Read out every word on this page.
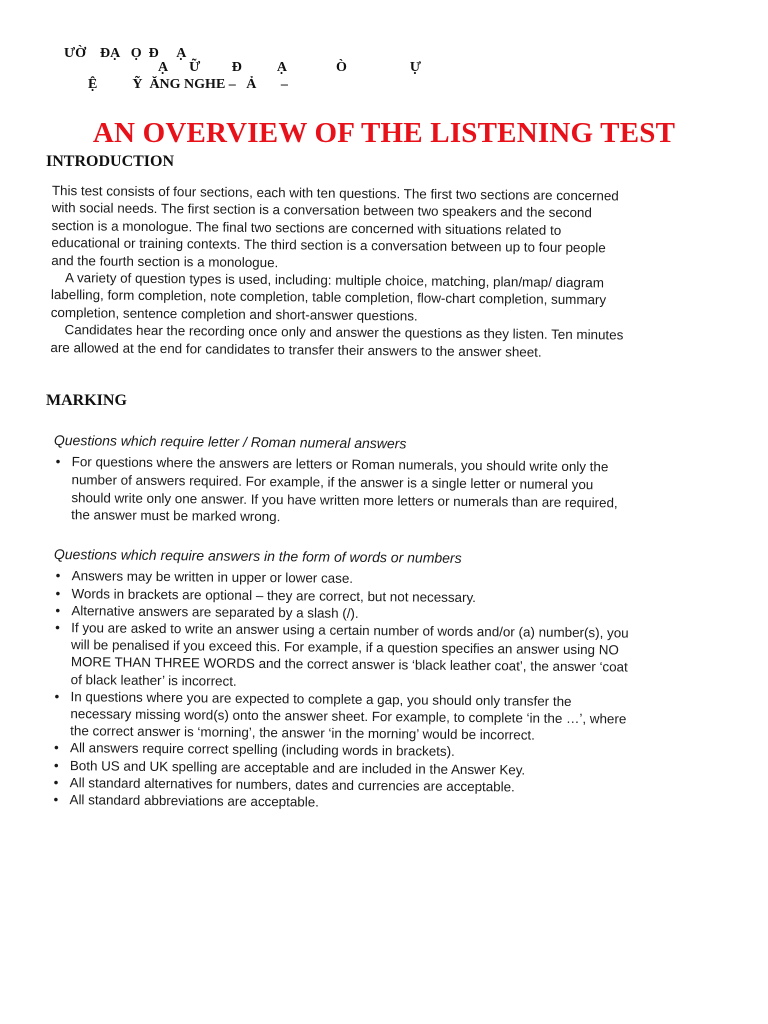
ƯỜ    ĐẠ   Ọ  Đ     Ạ
Ạ      Ữ         Đ          Ạ              Ò                  Ự
Ệ          Ỹ  ĂNG NGHE –   Ả       –
AN OVERVIEW OF THE LISTENING TEST
INTRODUCTION

This test consists of four sections, each with ten questions. The first two sections are concerned with social needs. The first section is a conversation between two speakers and the second section is a monologue. The final two sections are concerned with situations related to educational or training contexts. The third section is a conversation between up to four people and the fourth section is a monologue.

A variety of question types is used, including: multiple choice, matching, plan/map/ diagram labelling, form completion, note completion, table completion, flow-chart completion, summary completion, sentence completion and short-answer questions.

Candidates hear the recording once only and answer the questions as they listen. Ten minutes are allowed at the end for candidates to transfer their answers to the answer sheet.

MARKING

Questions which require letter / Roman numeral answers

• For questions where the answers are letters or Roman numerals, you should write only the number of answers required. For example, if the answer is a single letter or numeral you should write only one answer. If you have written more letters or numerals than are required, the answer must be marked wrong.

Questions which require answers in the form of words or numbers

• Answers may be written in upper or lower case.
• Words in brackets are optional – they are correct, but not necessary.
• Alternative answers are separated by a slash (/).
• If you are asked to write an answer using a certain number of words and/or (a) number(s), you will be penalised if you exceed this. For example, if a question specifies an answer using NO MORE THAN THREE WORDS and the correct answer is ‘black leather coat’, the answer ‘coat of black leather’ is incorrect.
• In questions where you are expected to complete a gap, you should only transfer the necessary missing word(s) onto the answer sheet. For example, to complete ‘in the …’, where the correct answer is ‘morning’, the answer ‘in the morning’ would be incorrect.
• All answers require correct spelling (including words in brackets).
• Both US and UK spelling are acceptable and are included in the Answer Key.
• All standard alternatives for numbers, dates and currencies are acceptable.
• All standard abbreviations are acceptable.
